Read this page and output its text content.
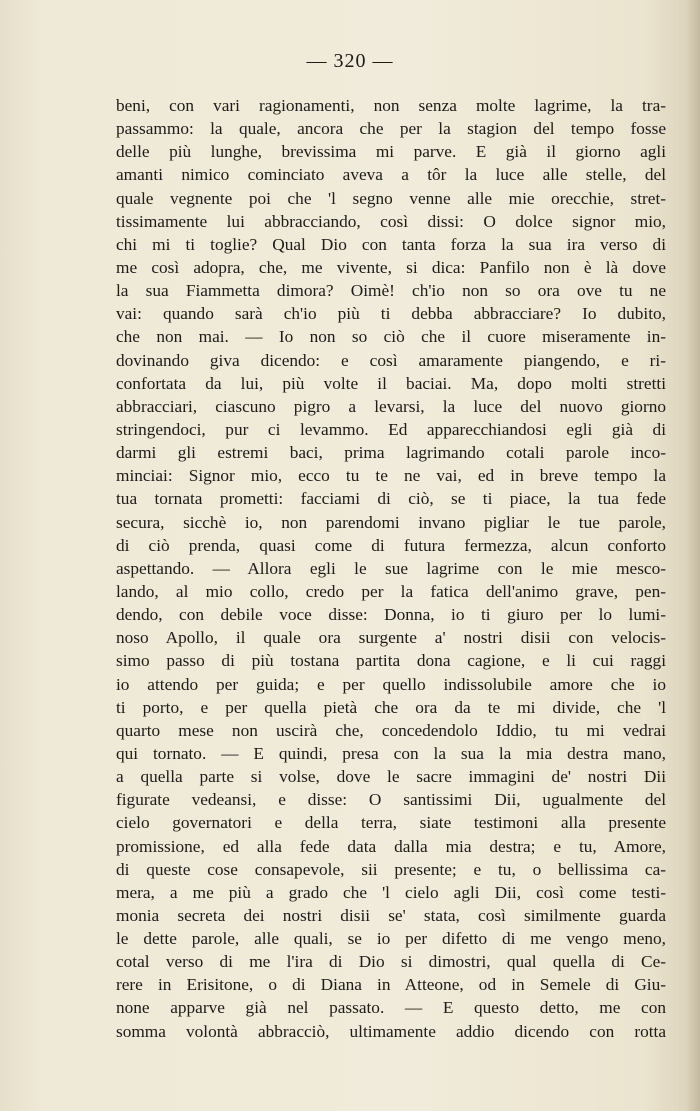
— 320 —
beni, con vari ragionamenti, non senza molte lagrime, la tra-
passammo: la quale, ancora che per la stagion del tempo fosse
delle più lunghe, brevissima mi parve. E già il giorno agli
amanti nimico cominciato aveva a tôr la luce alle stelle, del
quale vegnente poi che 'l segno venne alle mie orecchie, stret-
tissimamente lui abbracciando, così dissi: O dolce signor mio,
chi mi ti toglie? Qual Dio con tanta forza la sua ira verso di
me così adopra, che, me vivente, si dica: Panfilo non è là dove
la sua Fiammetta dimora? Oimè! ch'io non so ora ove tu ne
vai: quando sarà ch'io più ti debba abbracciare? Io dubito,
che non mai. — Io non so ciò che il cuore miseramente in-
dovinando giva dicendo: e così amaramente piangendo, e ri-
confortata da lui, più volte il baciai. Ma, dopo molti stretti
abbracciari, ciascuno pigro a levarsi, la luce del nuovo giorno
stringendoci, pur ci levammo. Ed apparecchiandosi egli già di
darmi gli estremi baci, prima lagrimando cotali parole inco-
minciai: Signor mio, ecco tu te ne vai, ed in breve tempo la
tua tornata prometti: facciami di ciò, se ti piace, la tua fede
secura, sicchè io, non parendomi invano pigliar le tue parole,
di ciò prenda, quasi come di futura fermezza, alcun conforto
aspettando. — Allora egli le sue lagrime con le mie mesco-
lando, al mio collo, credo per la fatica dell'animo grave, pen-
dendo, con debile voce disse: Donna, io ti giuro per lo lumi-
noso Apollo, il quale ora surgente a' nostri disii con velocis-
simo passo di più tostana partita dona cagione, e li cui raggi
io attendo per guida; e per quello indissolubile amore che io
ti porto, e per quella pietà che ora da te mi divide, che 'l
quarto mese non uscirà che, concedendolo Iddio, tu mi vedrai
qui tornato. — E quindi, presa con la sua la mia destra mano,
a quella parte si volse, dove le sacre immagini de' nostri Dii
figurate vedeansi, e disse: O santissimi Dii, ugualmente del
cielo governatori e della terra, siate testimoni alla presente
promissione, ed alla fede data dalla mia destra; e tu, Amore,
di queste cose consapevole, sii presente; e tu, o bellissima ca-
mera, a me più a grado che 'l cielo agli Dii, così come testi-
monia secreta dei nostri disii se' stata, così similmente guarda
le dette parole, alle quali, se io per difetto di me vengo meno,
cotal verso di me l'ira di Dio si dimostri, qual quella di Ce-
rere in Erisitone, o di Diana in Atteone, od in Semele di Giu-
none apparve già nel passato. — E questo detto, me con
somma volontà abbracciò, ultimamente addio dicendo con rotta
